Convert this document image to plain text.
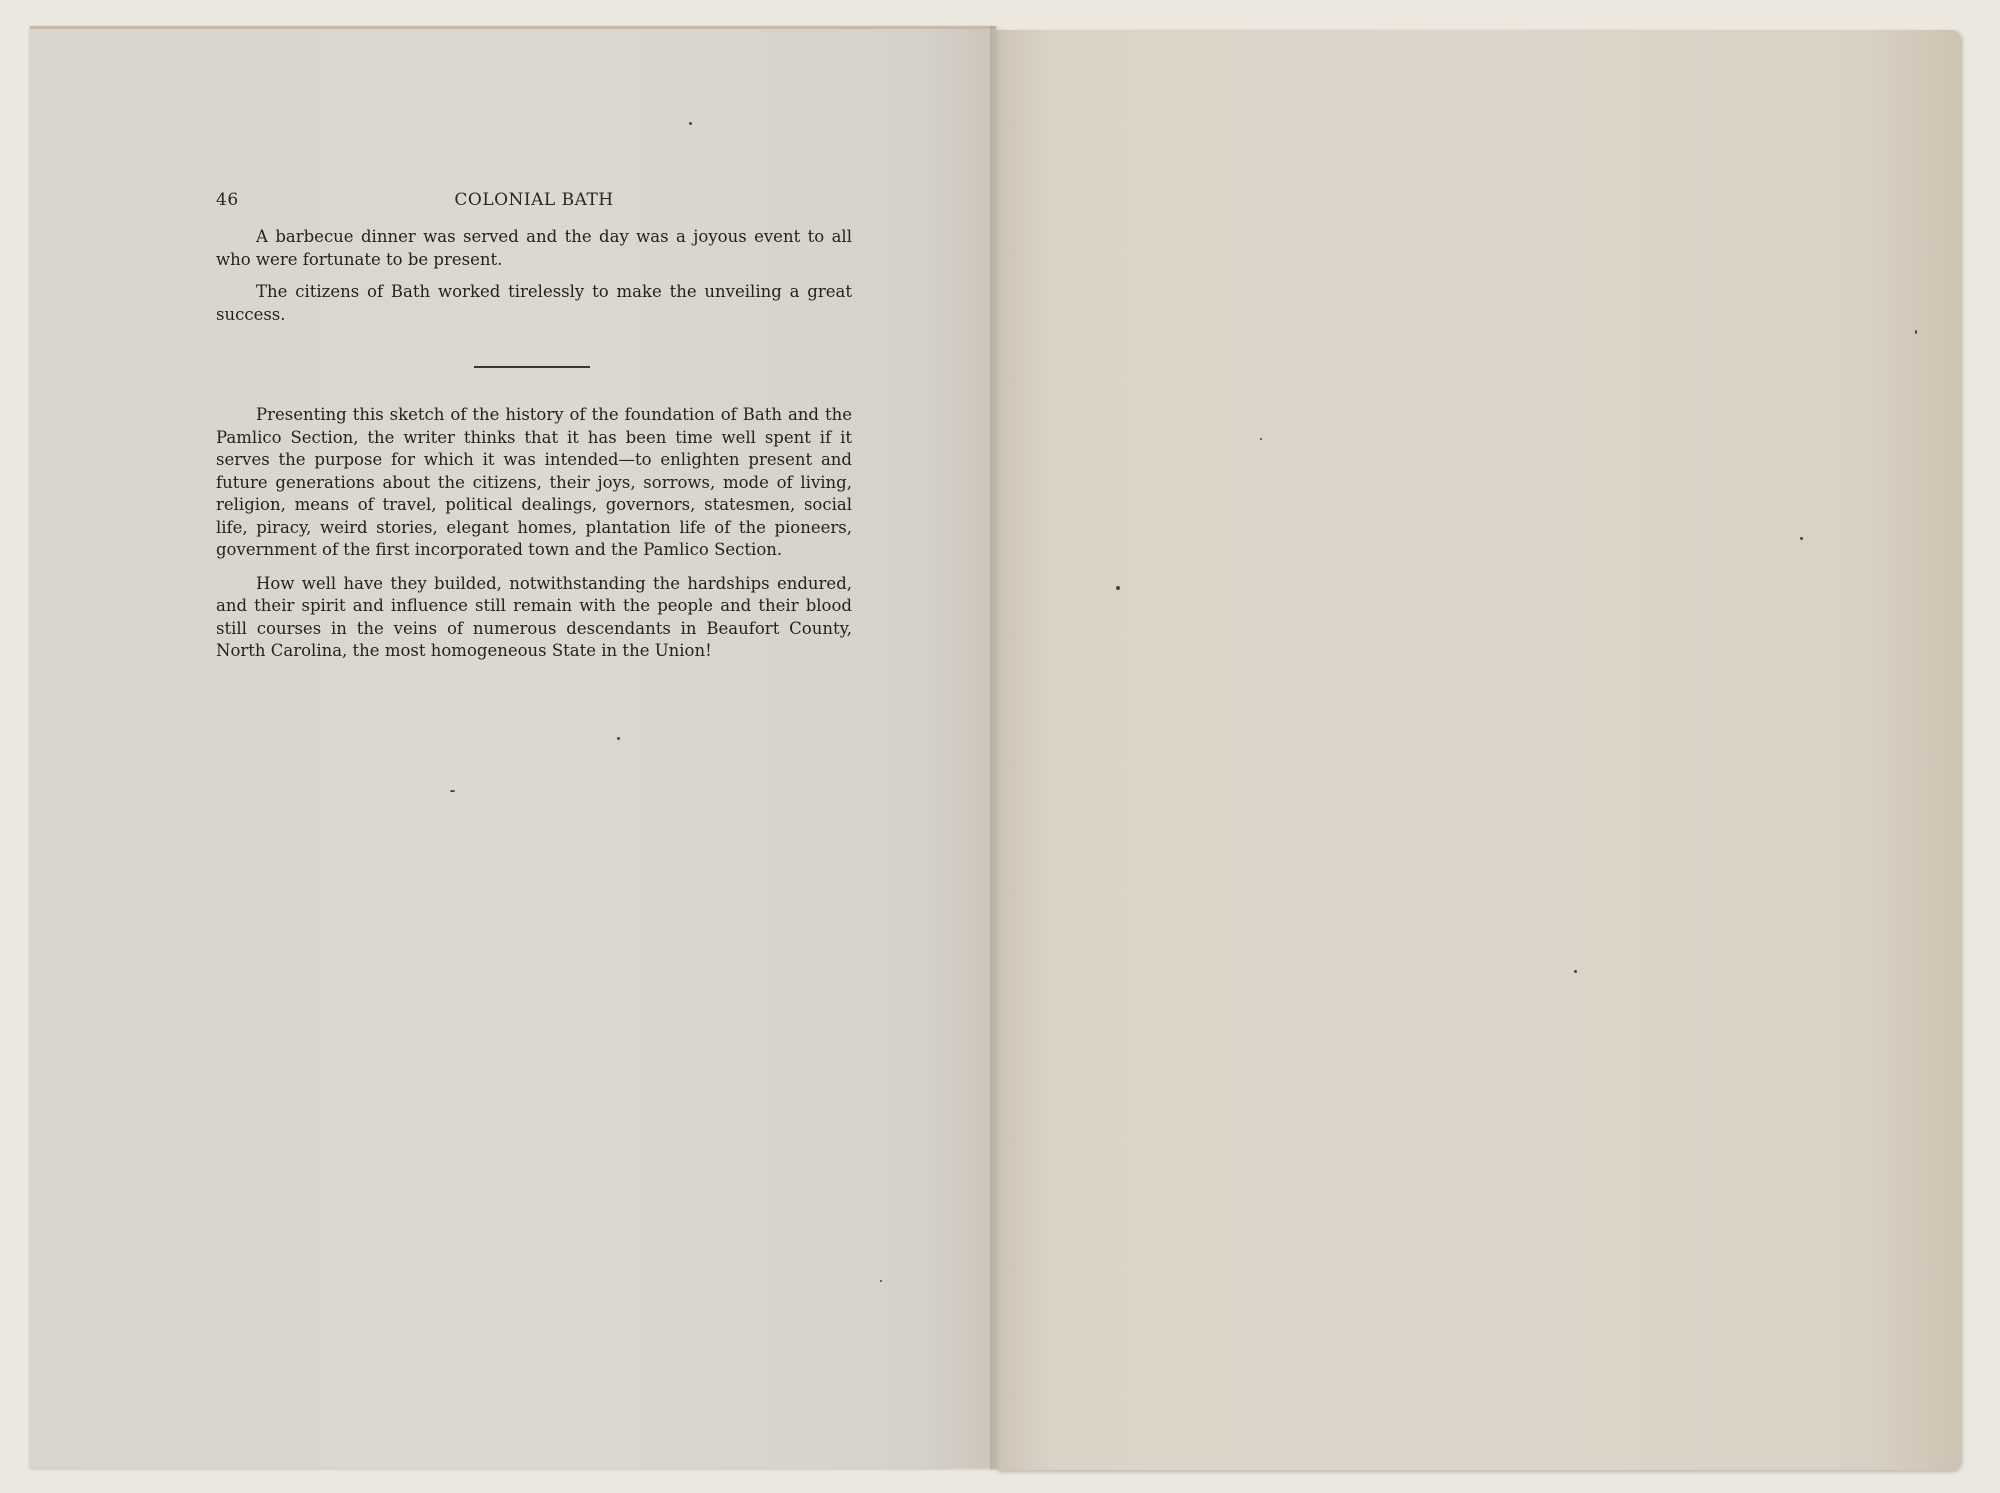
46	COLONIAL BATH

A barbecue dinner was served and the day was a joyous event to all who were fortunate to be present.

The citizens of Bath worked tirelessly to make the unveiling a great success.

Presenting this sketch of the history of the foundation of Bath and the Pamlico Section, the writer thinks that it has been time well spent if it serves the purpose for which it was intended—to enlighten present and future generations about the citizens, their joys, sorrows, mode of living, religion, means of travel, political dealings, governors, statesmen, social life, piracy, weird stories, elegant homes, plantation life of the pioneers, government of the first incorporated town and the Pamlico Section.

How well have they builded, notwithstanding the hardships endured, and their spirit and influence still remain with the people and their blood still courses in the veins of numerous descendants in Beaufort County, North Carolina, the most homogeneous State in the Union!
